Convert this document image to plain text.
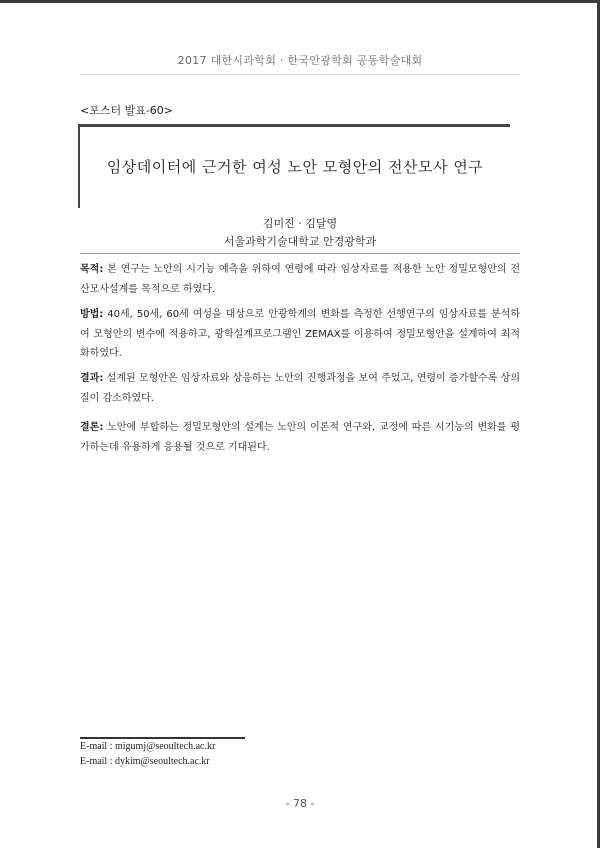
2017 대한시과학회 · 한국안광학회 공동학술대회
<포스터 발표-60>
임상데이터에 근거한 여성 노안 모형안의 전산모사 연구
김미진 · 김달영
서울과학기술대학교 안경광학과
목적: 본 연구는 노안의 시기능 예측을 위하여 연령에 따라 임상자료를 적용한 노안 정밀모형안의 전산모사설계를 목적으로 하였다.
방법: 40세, 50세, 60세 여성을 대상으로 안광학계의 변화를 측정한 선행연구의 임상자료를 분석하여 모형안의 변수에 적용하고, 광학설계프로그램인 ZEMAX를 이용하여 정밀모형안을 설계하여 최적화하였다.
결과: 설계된 모형안은 임상자료와 상응하는 노안의 진행과정을 보여 주었고, 연령이 증가할수록 상의 질이 감소하였다.
결론: 노안에 부합하는 정밀모형안의 설계는 노안의 이론적 연구와, 교정에 따른 시기능의 변화를 평가하는데 유용하게 응용될 것으로 기대된다.
E-mail : migumj@seoultech.ac.kr
E-mail : dykim@seoultech.ac.kr
- 78 -
